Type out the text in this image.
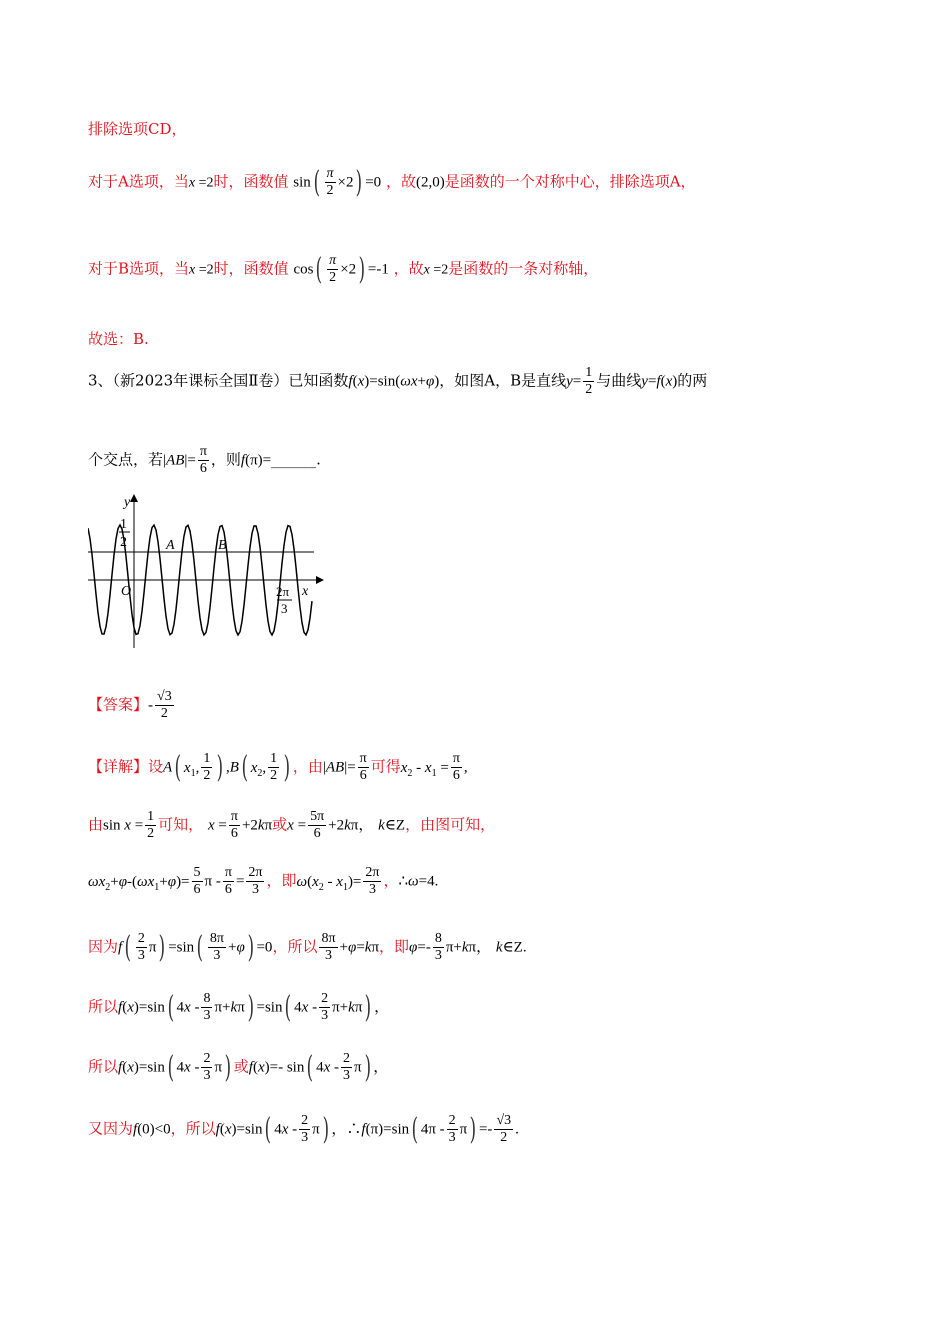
排除选项CD，
对于A选项，当x =2时，函数值 $\sin( \frac{\pi}{2} \times 2) =0$ ，故(2,0)是函数的一个对称中心，排除选项A，
对于B选项，当x =2时，函数值 $\cos( \frac{\pi}{2} \times 2) =-1$ ，故x =2是函数的一条对称轴，
故选：B.
3、（新2023年课标全国Ⅱ卷）已知函数f(x)=sin(ωx+φ)，如图A，B是直线$y= \frac{1}{2}$ 与曲线y=f(x)的两
个交点，若$|AB|= \frac{\pi}{6}$ ，则f(π)=______.
y
1
2	A	B
O	x
2π
3
【答案】- $\frac{√3}{2}$
【详解】设A( $x_1$, $\frac{1}{2}$ ) ,B( $x_2$, $\frac{1}{2}$ ) ，由$|AB|= \frac{\pi}{6}$ 可得$x_2 - x_1 = \frac{\pi}{6}$ ,
由$\sin x = \frac{1}{2}$ 可知， $x = \frac{\pi}{6} +2k\pi$或$x = \frac{5\pi}{6} +2k\pi$， k∈Z，由图可知，
$\omega x_2+\varphi-(\omega x_1+\varphi)= \frac{5}{6}$ $\pi - \frac{\pi}{6} = \frac{2\pi}{3}$ ，即$\omega(x_2 - x_1)= \frac{2\pi}{3}$ ，∴ω=4.
因为$f( \frac{2}{3} \pi) =\sin( \frac{8\pi}{3} +\varphi) =0$，所以 $\frac{8\pi}{3} +\varphi=k\pi$，即$\varphi=- \frac{8}{3} \pi+k\pi$， k∈Z.
所以f(x)=sin( $4x - \frac{8}{3} \pi+k\pi) =\sin$( $4x - \frac{2}{3} \pi+k\pi$) ，
所以f(x)=sin( $4x - \frac{2}{3} \pi$) 或f(x)=- sin( $4x - \frac{2}{3} \pi$) ，
又因为f(0)<0，所以f(x)=sin( $4x - \frac{2}{3} \pi$) ，∴f(π)=sin( $4\pi - \frac{2}{3} \pi) =- \frac{√3}{2}$ .
